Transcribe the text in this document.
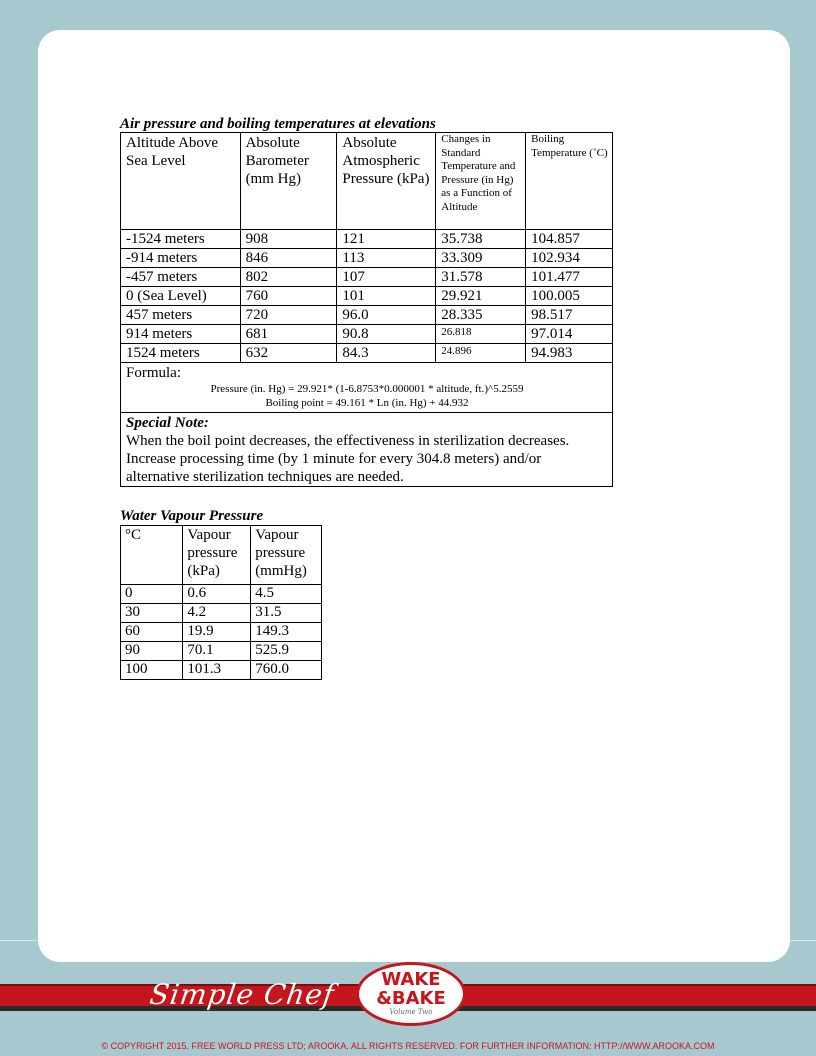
Air pressure and boiling temperatures at elevations
Altitude Above Sea Level	Absolute Barometer (mm Hg)	Absolute Atmospheric Pressure (kPa)	Changes in Standard Temperature and Pressure (in Hg) as a Function of Altitude	Boiling Temperature (˚C)
-1524 meters	908	121	35.738	104.857
-914 meters	846	113	33.309	102.934
-457 meters	802	107	31.578	101.477
0 (Sea Level)	760	101	29.921	100.005
457 meters	720	96.0	28.335	98.517
914 meters	681	90.8	26.818	97.014
1524 meters	632	84.3	24.896	94.983
Formula:
Pressure (in. Hg) = 29.921* (1-6.8753*0.000001 * altitude, ft.)^5.2559
Boiling point = 49.161 * Ln (in. Hg) + 44.932				

Special Note:
When the boil point decreases, the effectiveness in sterilization decreases. Increase processing time (by 1 minute for every 304.8 meters) and/or alternative sterilization techniques are needed.				
Water Vapour Pressure
°C	Vapour pressure (kPa)	Vapour pressure (mmHg)
0	0.6	4.5
30	4.2	31.5
60	19.9	149.3
90	70.1	525.9
100	101.3	760.0
Simple Chef	WAKE
&BAKE
Volume Two
© COPYRIGHT 2015. FREE WORLD PRESS LTD; AROOKA. ALL RIGHTS RESERVED. FOR FURTHER INFORMATION: HTTP://WWW.AROOKA.COM
